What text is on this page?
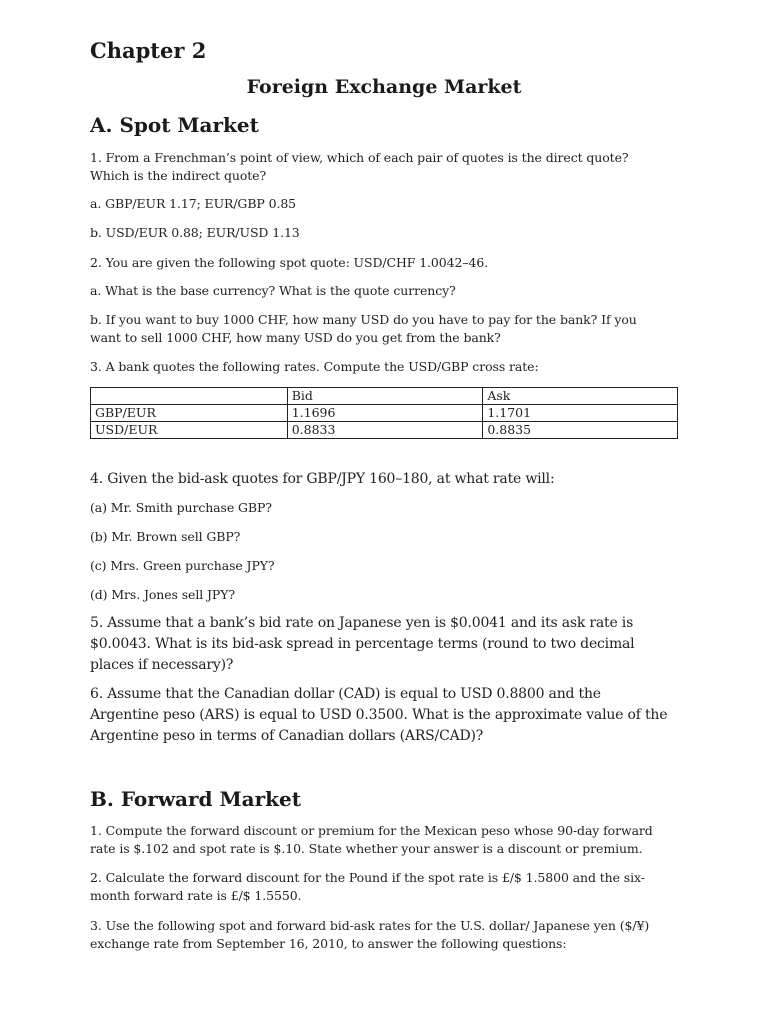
Chapter 2
Foreign Exchange Market
A. Spot Market
1. From a Frenchman’s point of view, which of each pair of quotes is the direct quote?
Which is the indirect quote?
a. GBP/EUR 1.17; EUR/GBP 0.85
b. USD/EUR 0.88; EUR/USD 1.13
2. You are given the following spot quote: USD/CHF 1.0042–46.
a. What is the base currency? What is the quote currency?
b. If you want to buy 1000 CHF, how many USD do you have to pay for the bank? If you
want to sell 1000 CHF, how many USD do you get from the bank?
3. A bank quotes the following rates. Compute the USD/GBP cross rate:
	Bid	Ask
GBP/EUR	1.1696	1.1701
USD/EUR	0.8833	0.8835
4. Given the bid-ask quotes for GBP/JPY 160–180, at what rate will:
(a) Mr. Smith purchase GBP?
(b) Mr. Brown sell GBP?
(c) Mrs. Green purchase JPY?
(d) Mrs. Jones sell JPY?
5. Assume that a bank’s bid rate on Japanese yen is $0.0041 and its ask rate is
$0.0043. What is its bid-ask spread in percentage terms (round to two decimal
places if necessary)?
6. Assume that the Canadian dollar (CAD) is equal to USD 0.8800 and the
Argentine peso (ARS) is equal to USD 0.3500. What is the approximate value of the
Argentine peso in terms of Canadian dollars (ARS/CAD)?
B. Forward Market
1. Compute the forward discount or premium for the Mexican peso whose 90-day forward
rate is $.102 and spot rate is $.10. State whether your answer is a discount or premium.
2. Calculate the forward discount for the Pound if the spot rate is £/$ 1.5800 and the six-
month forward rate is £/$ 1.5550.
3. Use the following spot and forward bid-ask rates for the U.S. dollar/ Japanese yen ($/¥)
exchange rate from September 16, 2010, to answer the following questions:
